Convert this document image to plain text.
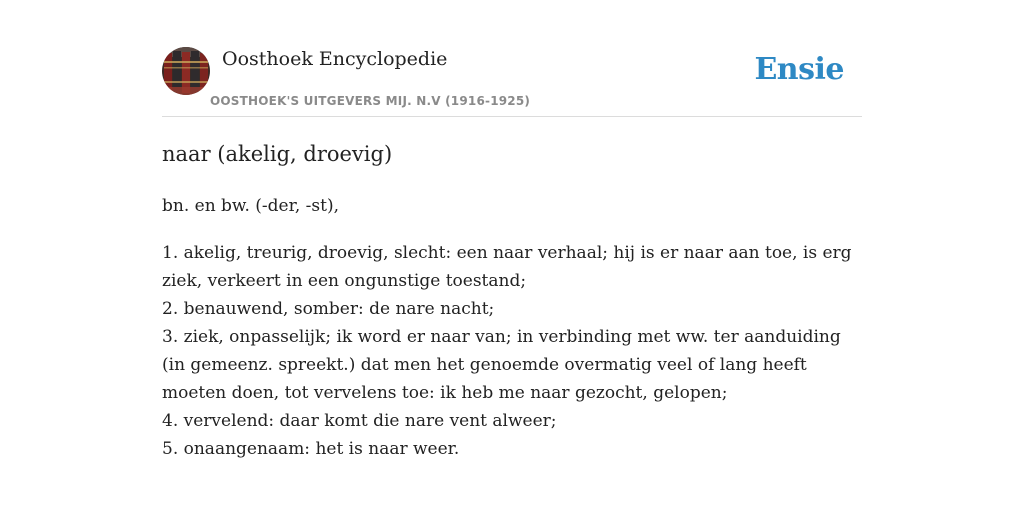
Oosthoek Encyclopedie
OOSTHOEK'S UITGEVERS MIJ. N.V (1916-1925)
Ensie
naar (akelig, droevig)
bn. en bw. (-der, -st),
1. akelig, treurig, droevig, slecht: een naar verhaal; hij is er naar aan toe, is erg ziek, verkeert in een ongunstige toestand;
2. benauwend, somber: de nare nacht;
3. ziek, onpasselijk; ik word er naar van; in verbinding met ww. ter aanduiding (in gemeenz. spreekt.) dat men het genoemde overmatig veel of lang heeft moeten doen, tot vervelens toe: ik heb me naar gezocht, gelopen;
4. vervelend: daar komt die nare vent alweer;
5. onaangenaam: het is naar weer.
